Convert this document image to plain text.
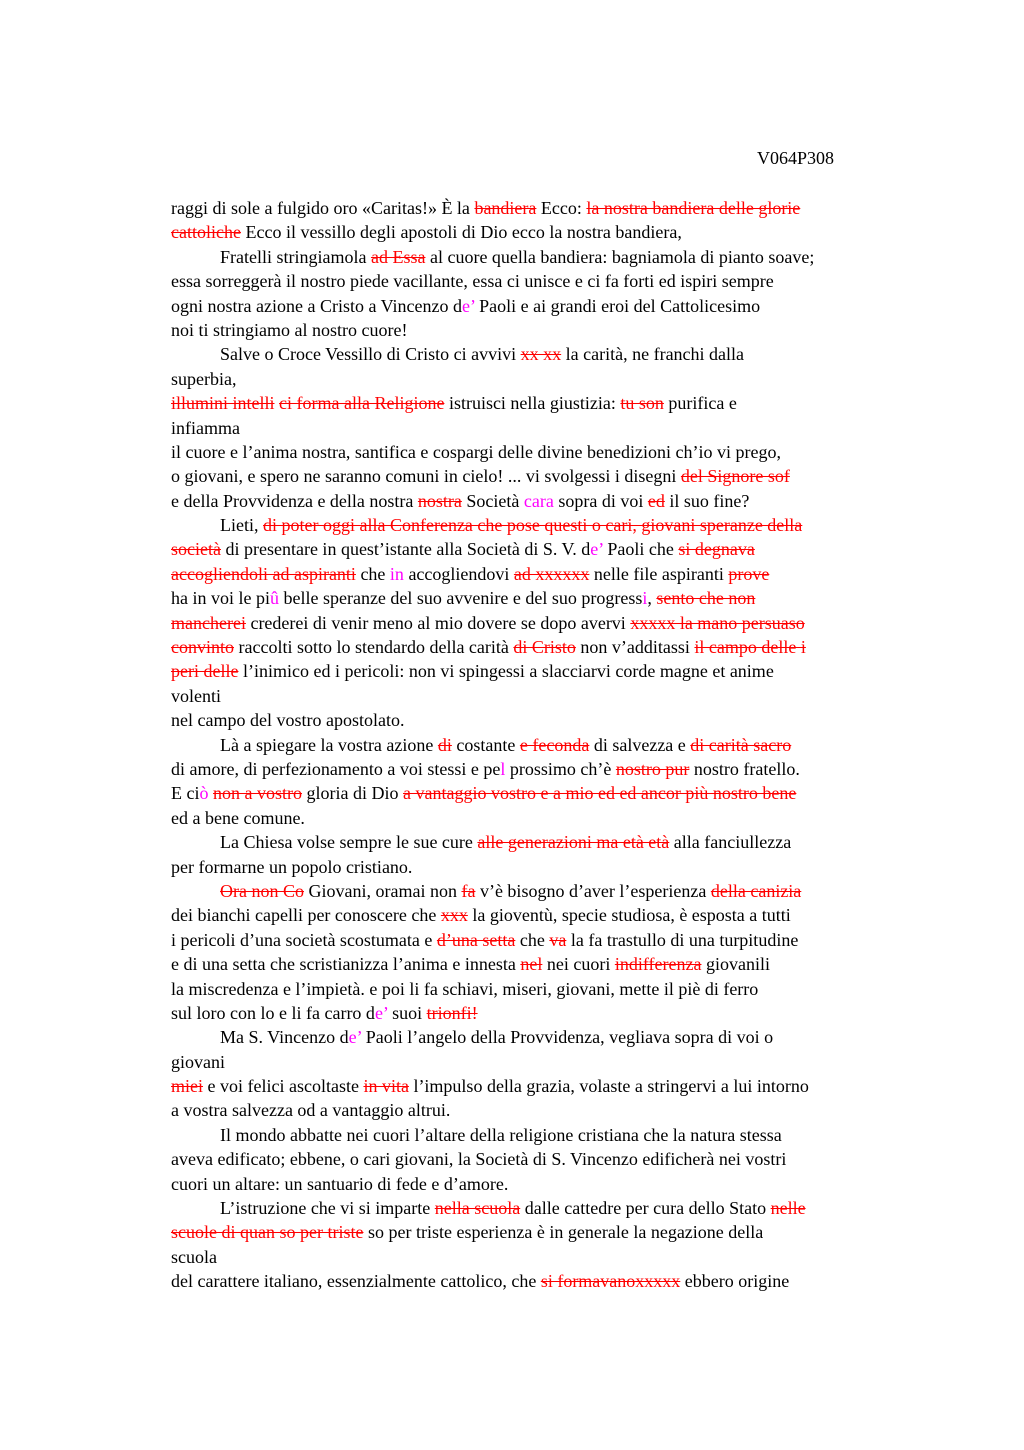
V064P308
raggi di sole a fulgido oro «Caritas!» È la bandiera Ecco: la nostra bandiera delle glorie
cattoliche Ecco il vessillo degli apostoli di Dio ecco la nostra bandiera,
Fratelli stringiamola ad Essa al cuore quella bandiera: bagniamola di pianto soave;
essa sorreggerà il nostro piede vacillante, essa ci unisce e ci fa forti ed ispiri sempre
ogni nostra azione a Cristo a Vincenzo de’ Paoli e ai grandi eroi del Cattolicesimo
noi ti stringiamo al nostro cuore!
Salve o Croce Vessillo di Cristo ci avvivi xx xx la carità, ne franchi dalla
superbia,
illumini intelli ci forma alla Religione istruisci nella giustizia: tu son purifica e
infiamma
il cuore e l’anima nostra, santifica e cospargi delle divine benedizioni ch’io vi prego,
o giovani, e spero ne saranno comuni in cielo! ... vi svolgessi i disegni del Signore sof
e della Provvidenza e della nostra nostra Società cara sopra di voi ed il suo fine?
Lieti, di poter oggi alla Conferenza che pose questi o cari, giovani speranze della
società di presentare in quest’istante alla Società di S. V. de’ Paoli che si degnava
accogliendoli ad aspiranti che in accogliendovi ad xxxxxx nelle file aspiranti prove
ha in voi le piû belle speranze del suo avvenire e del suo progressi, sento che non
mancherei crederei di venir meno al mio dovere se dopo avervi xxxxx la mano persuaso
convinto raccolti sotto lo stendardo della carità di Cristo non v’additassi il campo delle i
peri delle l’inimico ed i pericoli: non vi spingessi a slacciarvi corde magne et anime
volenti
nel campo del vostro apostolato.
Là a spiegare la vostra azione di costante e feconda di salvezza e di carità sacro
di amore, di perfezionamento a voi stessi e pel prossimo ch’è nostro pur nostro fratello.
E ciò non a vostro gloria di Dio a vantaggio vostro e a mio ed ed ancor più nostro bene
ed a bene comune.
La Chiesa volse sempre le sue cure alle generazioni ma età età alla fanciullezza
per formarne un popolo cristiano.
Ora non Co Giovani, oramai non fa v’è bisogno d’aver l’esperienza della canizia
dei bianchi capelli per conoscere che xxx la gioventù, specie studiosa, è esposta a tutti
i pericoli d’una società scostumata e d’una setta che va la fa trastullo di una turpitudine
e di una setta che scristianizza l’anima e innesta nel nei cuori indifferenza giovanili
la miscredenza e l’impietà. e poi li fa schiavi, miseri, giovani, mette il piè di ferro
sul loro con lo e li fa carro de’ suoi trionfi!
Ma S. Vincenzo de’ Paoli l’angelo della Provvidenza, vegliava sopra di voi o
giovani
miei e voi felici ascoltaste in vita l’impulso della grazia, volaste a stringervi a lui intorno
a vostra salvezza od a vantaggio altrui.
Il mondo abbatte nei cuori l’altare della religione cristiana che la natura stessa
aveva edificato; ebbene, o cari giovani, la Società di S. Vincenzo edificherà nei vostri
cuori un altare: un santuario di fede e d’amore.
L’istruzione che vi si imparte nella scuola dalle cattedre per cura dello Stato nelle
scuole di quan so per triste so per triste esperienza è in generale la negazione della
scuola
del carattere italiano, essenzialmente cattolico, che si formavanoxxxxx ebbero origine
